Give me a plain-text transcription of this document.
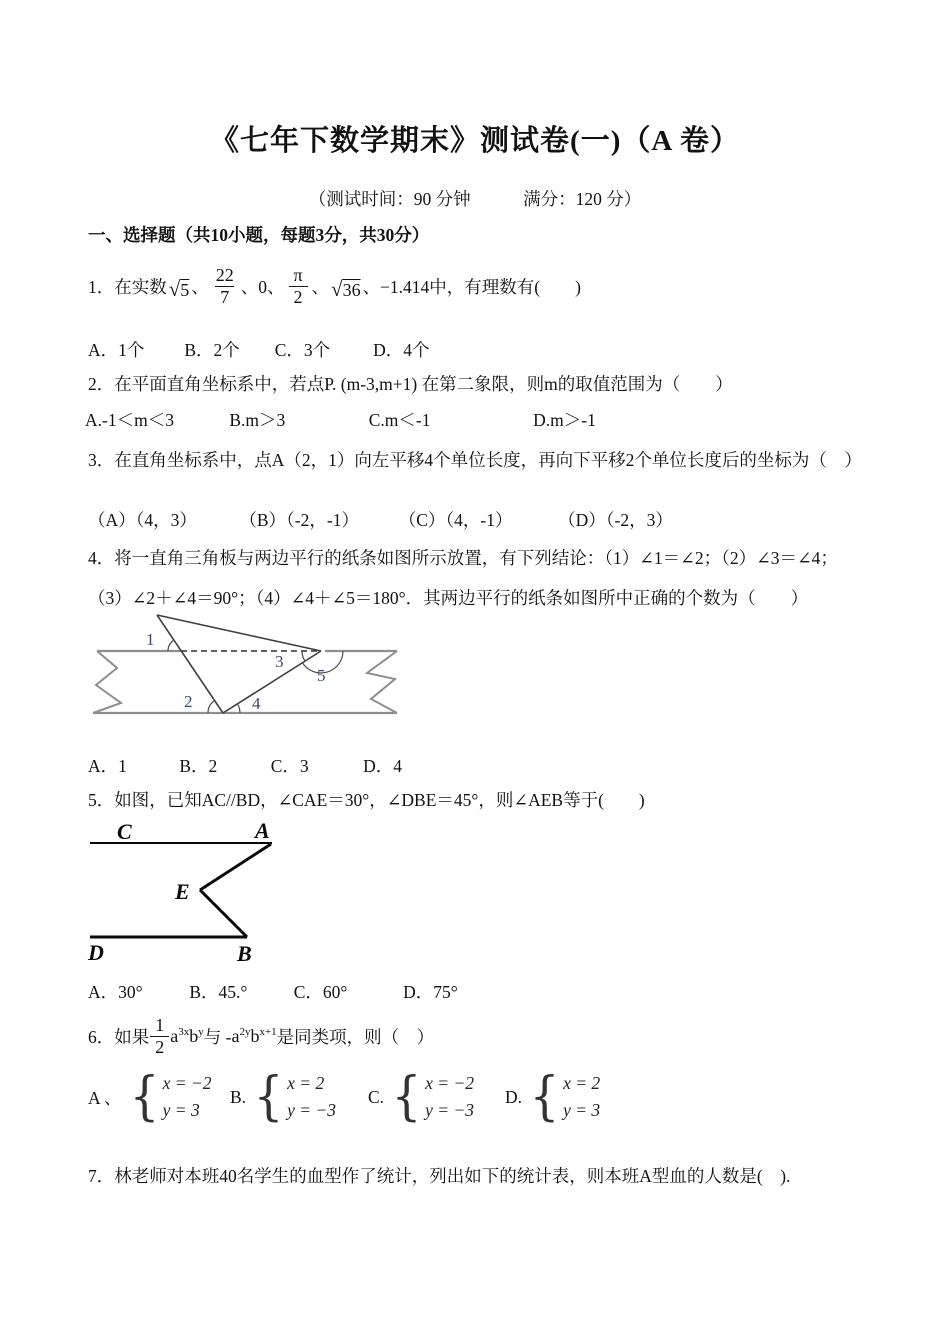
《七年下数学期末》测试卷(一)（A 卷）
（测试时间：90 分钟　　　满分：120 分）
一、选择题（共10小题，每题3分，共30分）
1．在实数 √5 、 $\frac{22}{7}$ 、0、 $\frac{\pi}{2}$ 、 √36 、−1.414中，有理数有(　　)
A．1个 B．2个 C．3个 D．4个
2．在平面直角坐标系中，若点P. (m-3,m+1) 在第二象限，则m的取值范围为（　　）
A.-1＜m＜3	B.m＞3	C.m＜-1	D.m＞-1
3．在直角坐标系中，点A（2，1）向左平移4个单位长度，再向下平移2个单位长度后的坐标为（　）
（A）（4，3） （B）（-2，-1） （C）（4，-1）	（D）（-2，3）
4．将一直角三角板与两边平行的纸条如图所示放置，有下列结论：（1）∠1＝∠2；（2）∠3＝∠4；
（3）∠2＋∠4＝90°；（4）∠4＋∠5＝180°．其两边平行的纸条如图所中正确的个数为（　　）
1
2
3
4
5
A．1	B．2	C．3	D．4
5．如图，已知AC//BD，∠CAE＝30°，∠DBE＝45°，则∠AEB等于(　　)
C	A
E
D	B
A．30°	B．45.°	C．60°	D．75°
6．如果 $\frac{1}{2} a^{3x}b^y$ 与 - $a^{2y}b^{x+1}$ 是同类项，则（　）
A 、 { x = −2
y = 3
B. { x = 2
y = −3
C. { x = −2
y = −3
D. { x = 2
y = 3
7．林老师对本班40名学生的血型作了统计，列出如下的统计表，则本班A型血的人数是(　).
